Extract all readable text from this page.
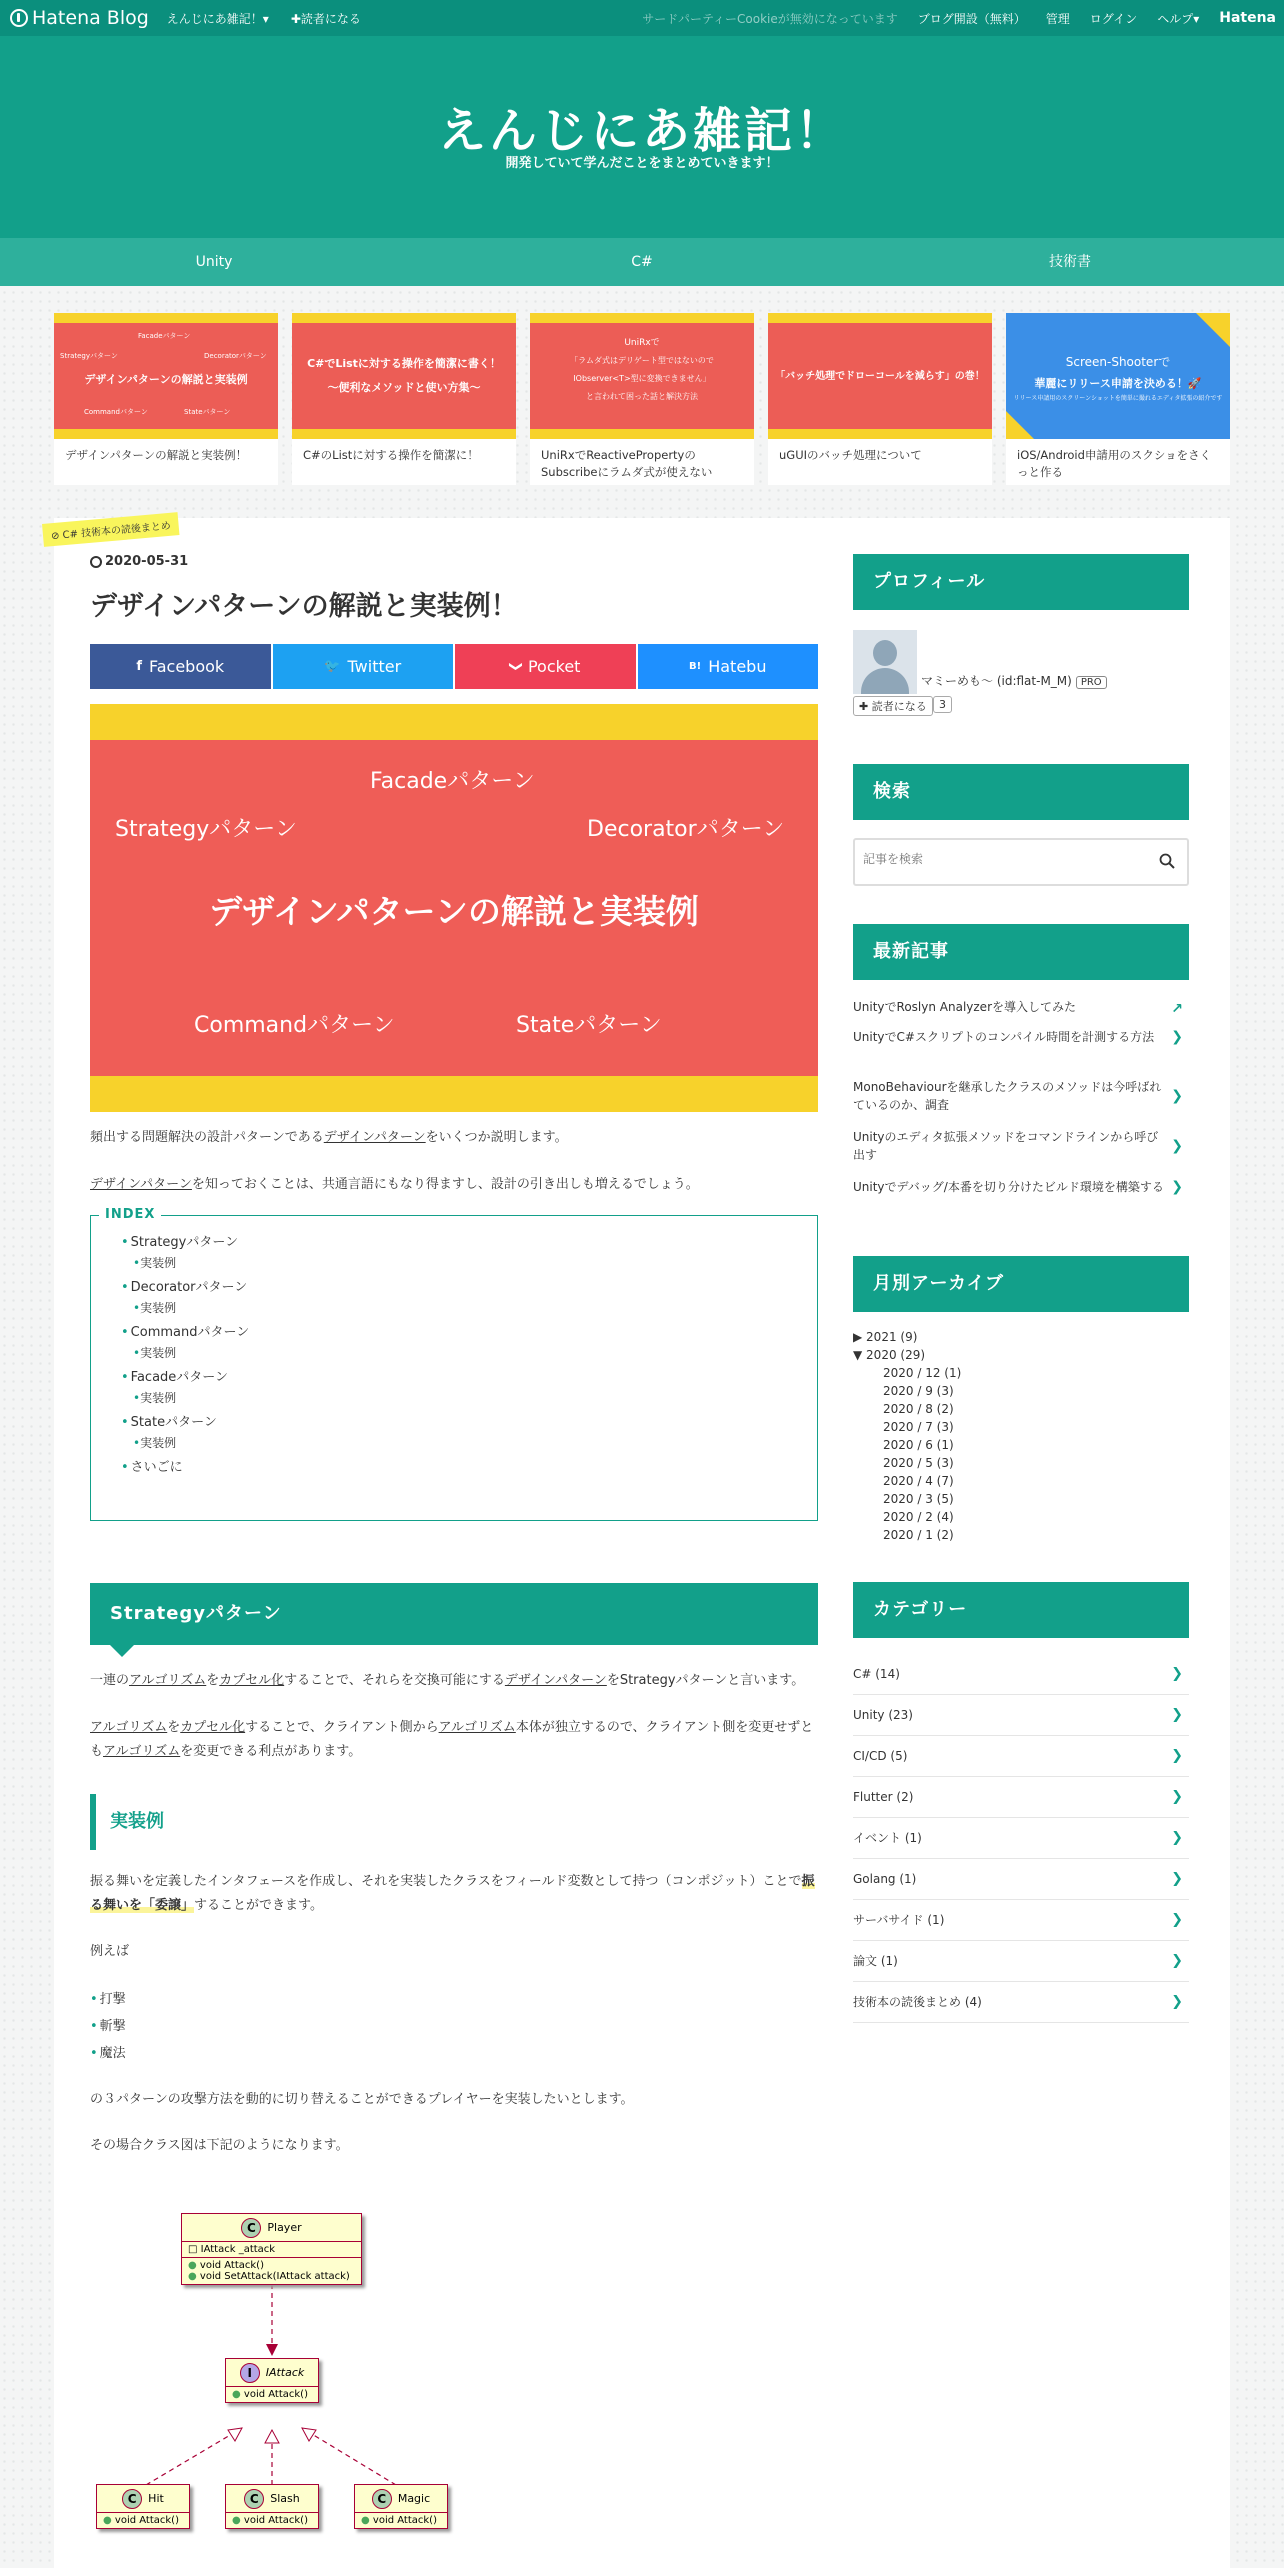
Hatena Blog えんじにあ雑記！▾ ✚読者になる	サードパーティーCookieが無効になっています ブログ開設（無料） 管理 ログイン ヘルプ▾ Hatena
えんじにあ雑記！
開発していて学んだことをまとめていきます！
Unity	C#	技術書
Facadeパターン
Strategyパターン	Decoratorパターン
デザインパターンの解説と実装例
Commandパターン	Stateパターン
デザインパターンの解説と実装例！
C#でListに対する操作を簡潔に書く！
〜便利なメソッドと使い方集〜
C#のListに対する操作を簡潔に！
UniRxで
「ラムダ式はデリゲート型ではないので
IObserver<T>型に変換できません」
と言われて困った話と解決方法
UniRxでReactivePropertyのSubscribeにラムダ式が使えない
「バッチ処理でドローコールを減らす」の巻！
uGUIのバッチ処理について
Screen-Shooterで
華麗にリリース申請を決める！🚀
リリース申請用のスクリーンショットを簡単に撮れるエディタ拡張の紹介です
iOS/Android申請用のスクショをさくっと作る
⊘ C# 技術本の読後まとめ
2020-05-31
デザインパターンの解説と実装例！
f Facebook	🐦 Twitter	❯ Pocket	B! Hatebu
Facadeパターン
Strategyパターン	Decoratorパターン
デザインパターンの解説と実装例
Commandパターン	Stateパターン

頻出する問題解決の設計パターンであるデザインパターンをいくつか説明します。

デザインパターンを知っておくことは、共通言語にもなり得ますし、設計の引き出しも増えるでしょう。

INDEX
• Strategyパターン
•実装例
• Decoratorパターン
•実装例
• Commandパターン
•実装例
• Facadeパターン
•実装例
• Stateパターン
•実装例
• さいごに
Strategyパターン

一連のアルゴリズムをカプセル化することで、それらを交換可能にするデザインパターンをStrategyパターンと言います。

アルゴリズムをカプセル化することで、クライアント側からアルゴリズム本体が独立するので、クライアント側を変更せずともアルゴリズムを変更できる利点があります。

実装例

振る舞いを定義したインタフェースを作成し、それを実装したクラスをフィールド変数として持つ（コンポジット）ことで振る舞いを「委譲」することができます。

例えば

• 打撃
• 斬撃
• 魔法

の３パターンの攻撃方法を動的に切り替えることができるプレイヤーを実装したいとします。

その場合クラス図は下記のようになります。

C	Player
□ IAttack _attack
● void Attack()
● void SetAttack(IAttack attack)
I	IAttack
● void Attack()
C	Hit
● void Attack()
C	Slash
● void Attack()
C	Magic
● void Attack()
プロフィール
マミーめも〜 (id:flat-M_M) PRO
✚ 読者になる	3
検索
記事を検索
最新記事
UnityでRoslyn Analyzerを導入してみた	↗
UnityでC#スクリプトのコンパイル時間を計測する方法 ❯
MonoBehaviourを継承したクラスのメソッドは今呼ばれているのか、調査
❯
Unityのエディタ拡張メソッドをコマンドラインから呼び出す
❯
Unityでデバッグ/本番を切り分けたビルド環境を構築する ❯
月別アーカイブ
▶ 2021 (9)
▼ 2020 (29)
2020 / 12 (1)
2020 / 9 (3)
2020 / 8 (2)
2020 / 7 (3)
2020 / 6 (1)
2020 / 5 (3)
2020 / 4 (7)
2020 / 3 (5)
2020 / 2 (4)
2020 / 1 (2)
カテゴリー
C# (14)	❯
Unity (23)	❯
CI/CD (5)	❯
Flutter (2)	❯
イベント (1)	❯
Golang (1)	❯
サーバサイド (1)	❯
論文 (1)	❯
技術本の読後まとめ (4)	❯
